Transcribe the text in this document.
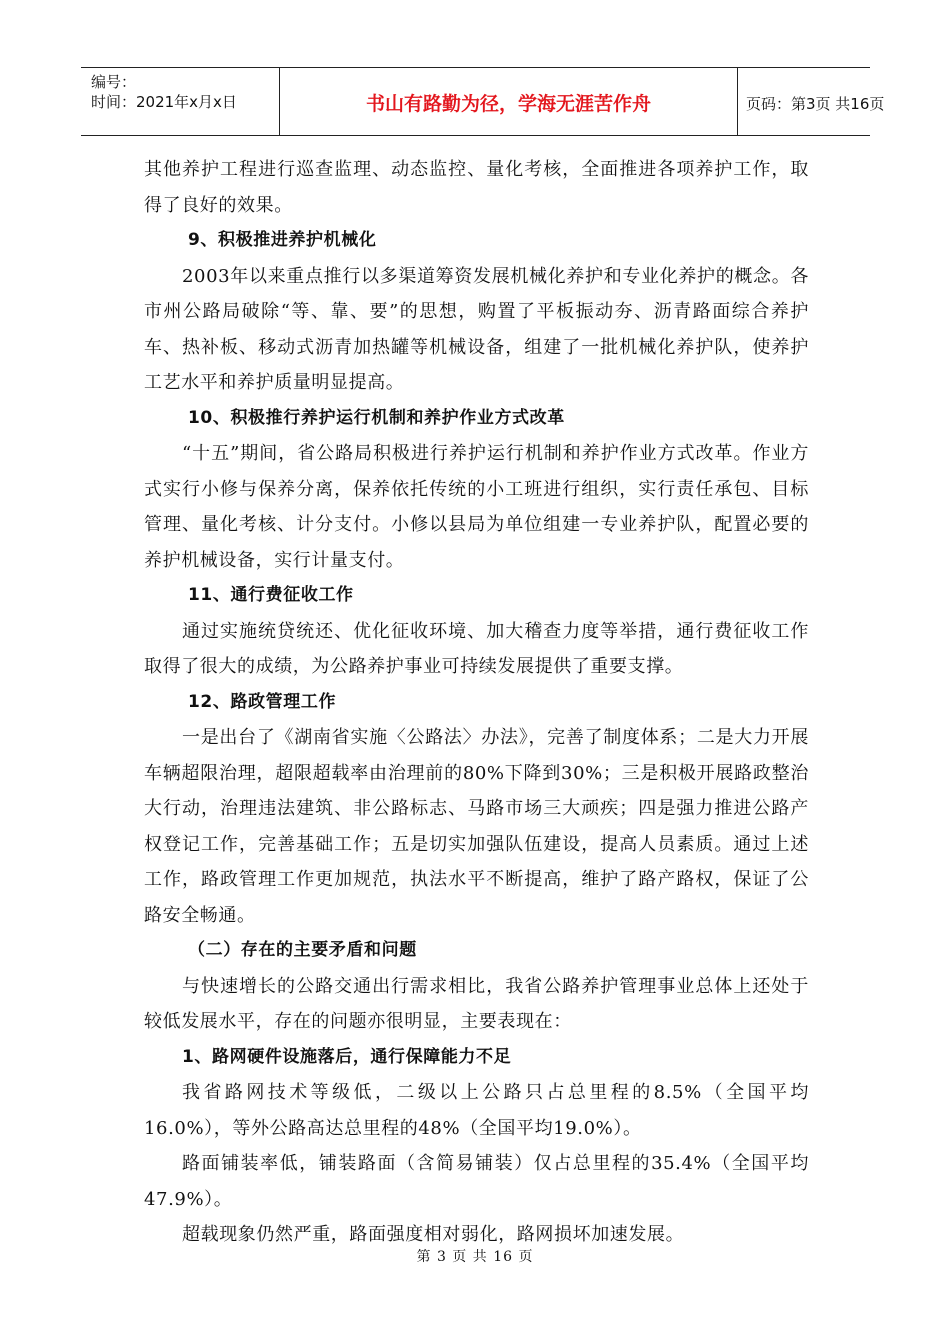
编号：
时间：2021年x月x日	书山有路勤为径，学海无涯苦作舟	页码：第3页 共16页

其他养护工程进行巡查监理、动态监控、量化考核，全面推进各项养护工作，取得了良好的效果。

9、积极推进养护机械化

2003年以来重点推行以多渠道筹资发展机械化养护和专业化养护的概念。各市州公路局破除“等、靠、要”的思想，购置了平板振动夯、沥青路面综合养护车、热补板、移动式沥青加热罐等机械设备，组建了一批机械化养护队，使养护工艺水平和养护质量明显提高。

10、积极推行养护运行机制和养护作业方式改革

“十五”期间，省公路局积极进行养护运行机制和养护作业方式改革。作业方式实行小修与保养分离，保养依托传统的小工班进行组织，实行责任承包、目标管理、量化考核、计分支付。小修以县局为单位组建一专业养护队，配置必要的养护机械设备，实行计量支付。

11、通行费征收工作

通过实施统贷统还、优化征收环境、加大稽查力度等举措，通行费征收工作取得了很大的成绩，为公路养护事业可持续发展提供了重要支撑。

12、路政管理工作

一是出台了《湖南省实施〈公路法〉办法》，完善了制度体系；二是大力开展车辆超限治理，超限超载率由治理前的80%下降到30%；三是积极开展路政整治大行动，治理违法建筑、非公路标志、马路市场三大顽疾；四是强力推进公路产权登记工作，完善基础工作；五是切实加强队伍建设，提高人员素质。通过上述工作，路政管理工作更加规范，执法水平不断提高，维护了路产路权，保证了公路安全畅通。

（二）存在的主要矛盾和问题

与快速增长的公路交通出行需求相比，我省公路养护管理事业总体上还处于较低发展水平，存在的问题亦很明显，主要表现在：

1、路网硬件设施落后，通行保障能力不足

我省路网技术等级低，二级以上公路只占总里程的8.5%（全国平均16.0%），等外公路高达总里程的48%（全国平均19.0%）。

路面铺装率低，铺装路面（含简易铺装）仅占总里程的35.4%（全国平均47.9%）。

超载现象仍然严重，路面强度相对弱化，路网损坏加速发展。

第 3 页 共 16 页
